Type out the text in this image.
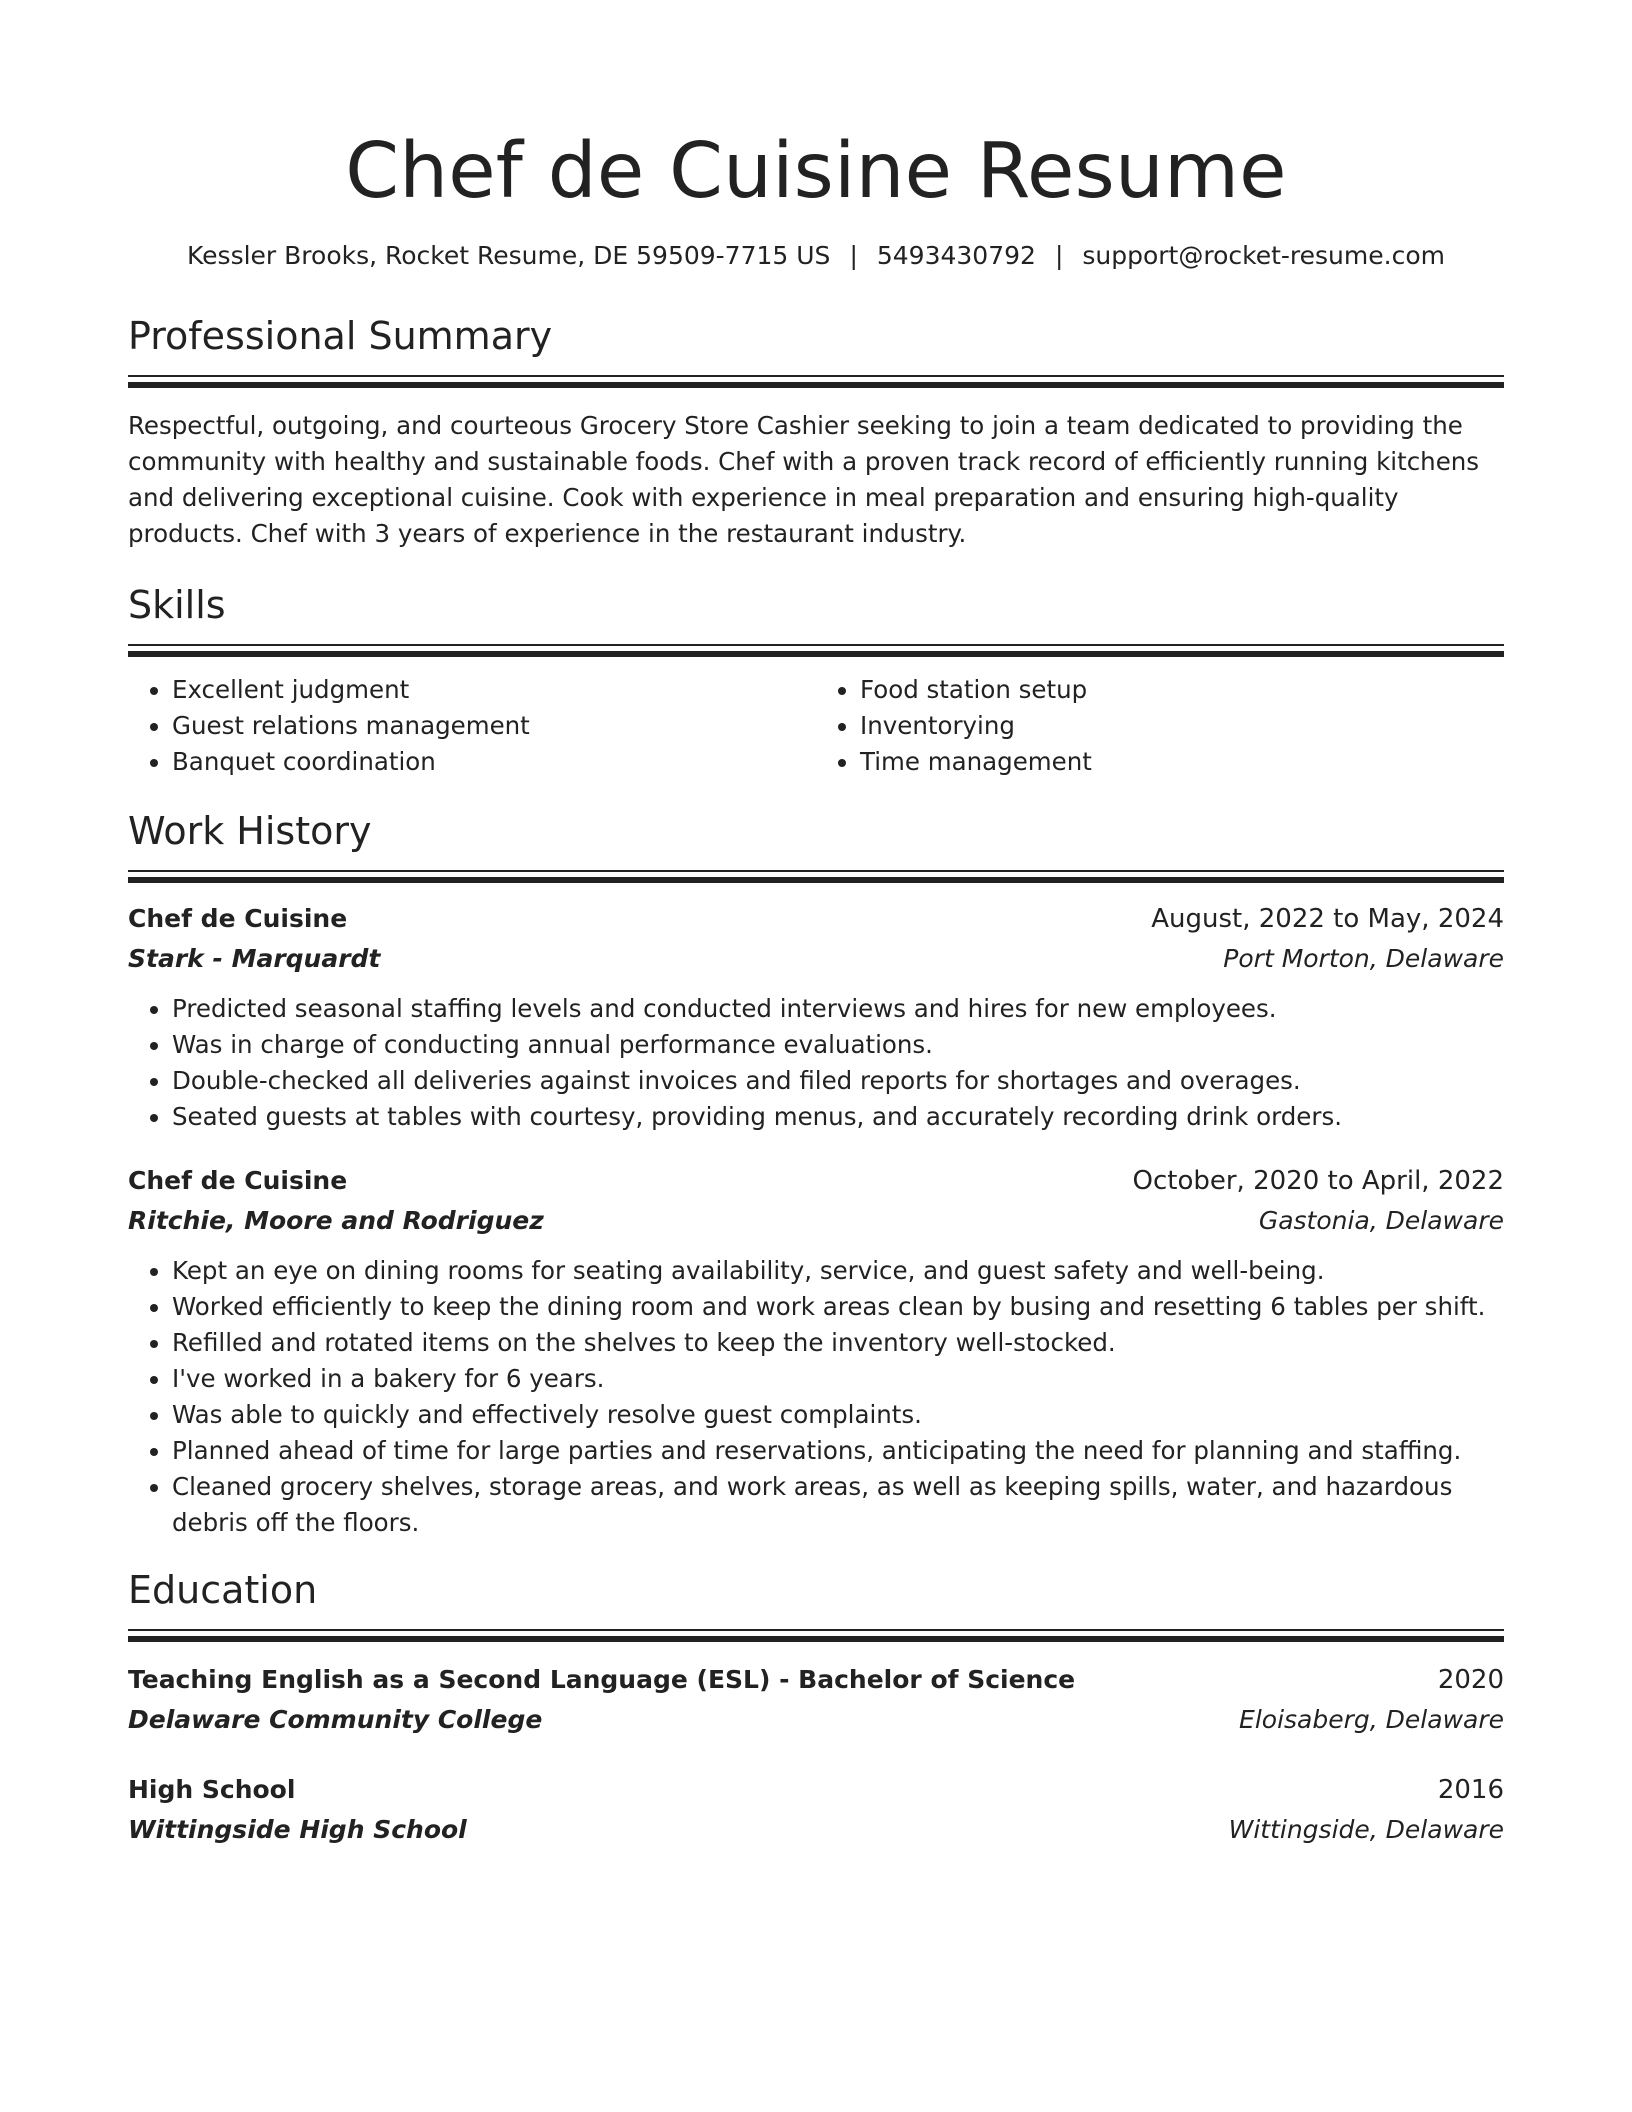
Chef de Cuisine Resume
Kessler Brooks, Rocket Resume, DE 59509-7715 US | 5493430792 | support@rocket-resume.com
Professional Summary

Respectful, outgoing, and courteous Grocery Store Cashier seeking to join a team dedicated to providing the community with healthy and sustainable foods. Chef with a proven track record of efficiently running kitchens and delivering exceptional cuisine. Cook with experience in meal preparation and ensuring high-quality products. Chef with 3 years of experience in the restaurant industry.

Skills
• Excellent judgment
• Guest relations management
• Banquet coordination
• Food station setup
• Inventorying
• Time management
Work History
Chef de Cuisine	August, 2022 to May, 2024
Stark - Marquardt	Port Morton, Delaware
• Predicted seasonal staffing levels and conducted interviews and hires for new employees.
• Was in charge of conducting annual performance evaluations.
• Double-checked all deliveries against invoices and filed reports for shortages and overages.
• Seated guests at tables with courtesy, providing menus, and accurately recording drink orders.
Chef de Cuisine	October, 2020 to April, 2022
Ritchie, Moore and Rodriguez	Gastonia, Delaware
• Kept an eye on dining rooms for seating availability, service, and guest safety and well-being.
• Worked efficiently to keep the dining room and work areas clean by busing and resetting 6 tables per shift.
• Refilled and rotated items on the shelves to keep the inventory well-stocked.
• I've worked in a bakery for 6 years.
• Was able to quickly and effectively resolve guest complaints.
• Planned ahead of time for large parties and reservations, anticipating the need for planning and staffing.
• Cleaned grocery shelves, storage areas, and work areas, as well as keeping spills, water, and hazardous debris off the floors.
Education
Teaching English as a Second Language (ESL) - Bachelor of Science	2020
Delaware Community College	Eloisaberg, Delaware
High School	2016
Wittingside High School	Wittingside, Delaware
